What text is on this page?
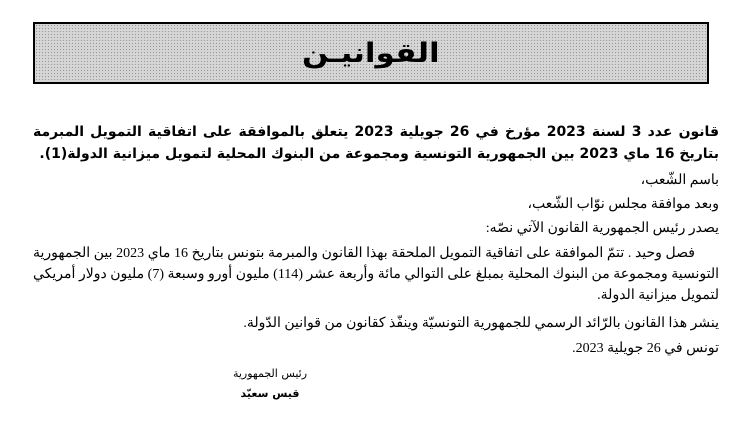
القوانيـن
قانون عدد 3 لسنة 2023 مؤرخ في 26 جويلية 2023 يتعلق بالموافقة على اتفاقية التمويل المبرمة بتاريخ 16 ماي 2023 بين الجمهورية التونسية ومجموعة من البنوك المحلية لتمويل ميزانية الدولة(1).
باسم الشّعب،
وبعد موافقة مجلس نوّاب الشّعب،
يصدر رئيس الجمهورية القانون الآتي نصّه:
فصل وحيد . تتمّ الموافقة على اتفاقية التمويل الملحقة بهذا القانون والمبرمة بتونس بتاريخ 16 ماي 2023 بين الجمهورية التونسية ومجموعة من البنوك المحلية بمبلغ على التوالي مائة وأربعة عشر (114) مليون أورو وسبعة (7) مليون دولار أمريكي لتمويل ميزانية الدولة.
ينشر هذا القانون بالرّائد الرسمي للجمهورية التونسيّة وينفّذ كقانون من قوانين الدّولة.
تونس في 26 جويلية 2023.
رئيس الجمهورية
قيس سعيّد
